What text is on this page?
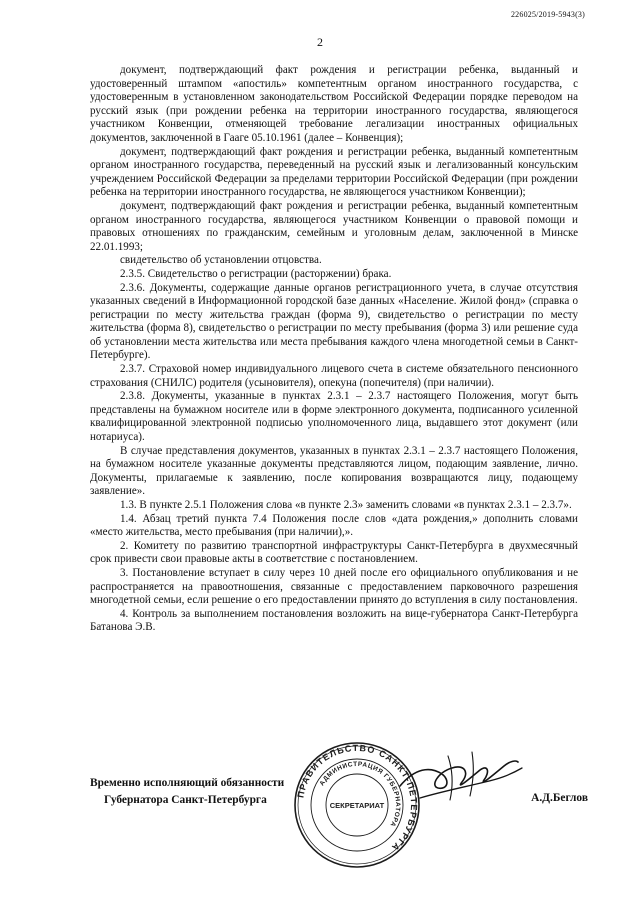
226025/2019-5943(3)
2

документ, подтверждающий факт рождения и регистрации ребенка, выданный и удостоверенный штампом «апостиль» компетентным органом иностранного государства, с удостоверенным в установленном законодательством Российской Федерации порядке переводом на русский язык (при рождении ребенка на территории иностранного государства, являющегося участником Конвенции, отменяющей требование легализации иностранных официальных документов, заключенной в Гааге 05.10.1961 (далее – Конвенция);

документ, подтверждающий факт рождения и регистрации ребенка, выданный компетентным органом иностранного государства, переведенный на русский язык и легализованный консульским учреждением Российской Федерации за пределами территории Российской Федерации (при рождении ребенка на территории иностранного государства, не являющегося участником Конвенции);

документ, подтверждающий факт рождения и регистрации ребенка, выданный компетентным органом иностранного государства, являющегося участником Конвенции о правовой помощи и правовых отношениях по гражданским, семейным и уголовным делам, заключенной в Минске 22.01.1993;

свидетельство об установлении отцовства.

2.3.5. Свидетельство о регистрации (расторжении) брака.

2.3.6. Документы, содержащие данные органов регистрационного учета, в случае отсутствия указанных сведений в Информационной городской базе данных «Население. Жилой фонд» (справка о регистрации по месту жительства граждан (форма 9), свидетельство о регистрации по месту жительства (форма 8), свидетельство о регистрации по месту пребывания (форма 3) или решение суда об установлении места жительства или места пребывания каждого члена многодетной семьи в Санкт-Петербурге).

2.3.7. Страховой номер индивидуального лицевого счета в системе обязательного пенсионного страхования (СНИЛС) родителя (усыновителя), опекуна (попечителя) (при наличии).

2.3.8. Документы, указанные в пунктах 2.3.1 – 2.3.7 настоящего Положения, могут быть представлены на бумажном носителе или в форме электронного документа, подписанного усиленной квалифицированной электронной подписью уполномоченного лица, выдавшего этот документ (или нотариуса).

В случае представления документов, указанных в пунктах 2.3.1 – 2.3.7 настоящего Положения, на бумажном носителе указанные документы представляются лицом, подающим заявление, лично. Документы, прилагаемые к заявлению, после копирования возвращаются лицу, подающему заявление».

1.3. В пункте 2.5.1 Положения слова «в пункте 2.3» заменить словами «в пунктах 2.3.1 – 2.3.7».

1.4. Абзац третий пункта 7.4 Положения после слов «дата рождения,» дополнить словами «место жительства, место пребывания (при наличии),».

2. Комитету по развитию транспортной инфраструктуры Санкт-Петербурга в двухмесячный срок привести свои правовые акты в соответствие с постановлением.

3. Постановление вступает в силу через 10 дней после его официального опубликования и не распространяется на правоотношения, связанные с предоставлением парковочного разрешения многодетной семьи, если решение о его предоставлении принято до вступления в силу постановления.

4. Контроль за выполнением постановления возложить на вице-губернатора Санкт-Петербурга Батанова Э.В.

Временно исполняющий обязанности
Губернатора Санкт-Петербурга	А.Д.Беглов
ПРАВИТЕЛЬСТВО САНКТ-ПЕТЕРБУРГА
АДМИНИСТРАЦИЯ ГУБЕРНАТОРА
СЕКРЕТАРИАТ
